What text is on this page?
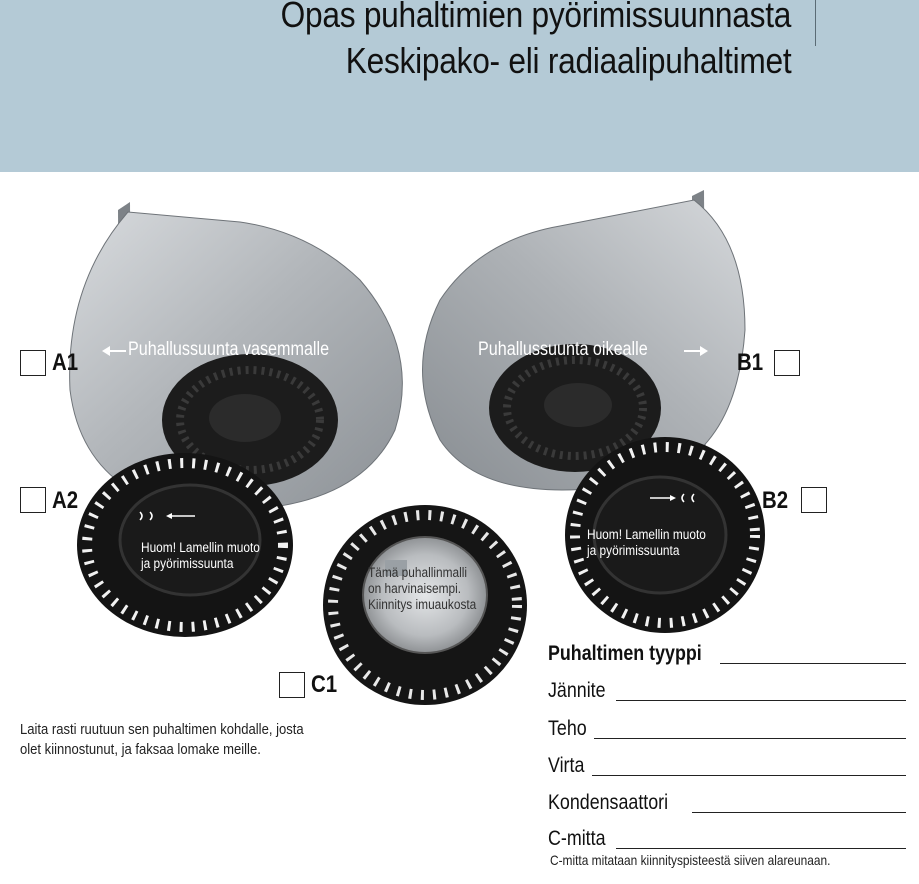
Opas puhaltimien pyörimissuunnasta
Keskipako- eli radiaalipuhaltimet
A1	Puhallussuunta vasemmalle	Puhallussuunta oikealle	B1
A2
Huom! Lamellin muoto
ja pyörimissuunta
Huom! Lamellin muoto
ja pyörimissuunta
B2
Tämä puhallinmalli
on harvinaisempi.
Kiinnitys imuaukosta
C1
Laita rasti ruutuun sen puhaltimen kohdalle, josta
olet kiinnostunut, ja faksaa lomake meille.
Puhaltimen tyyppi
Jännite
Teho
Virta
Kondensaattori
C-mitta
C-mitta mitataan kiinnityspisteestä siiven alareunaan.
